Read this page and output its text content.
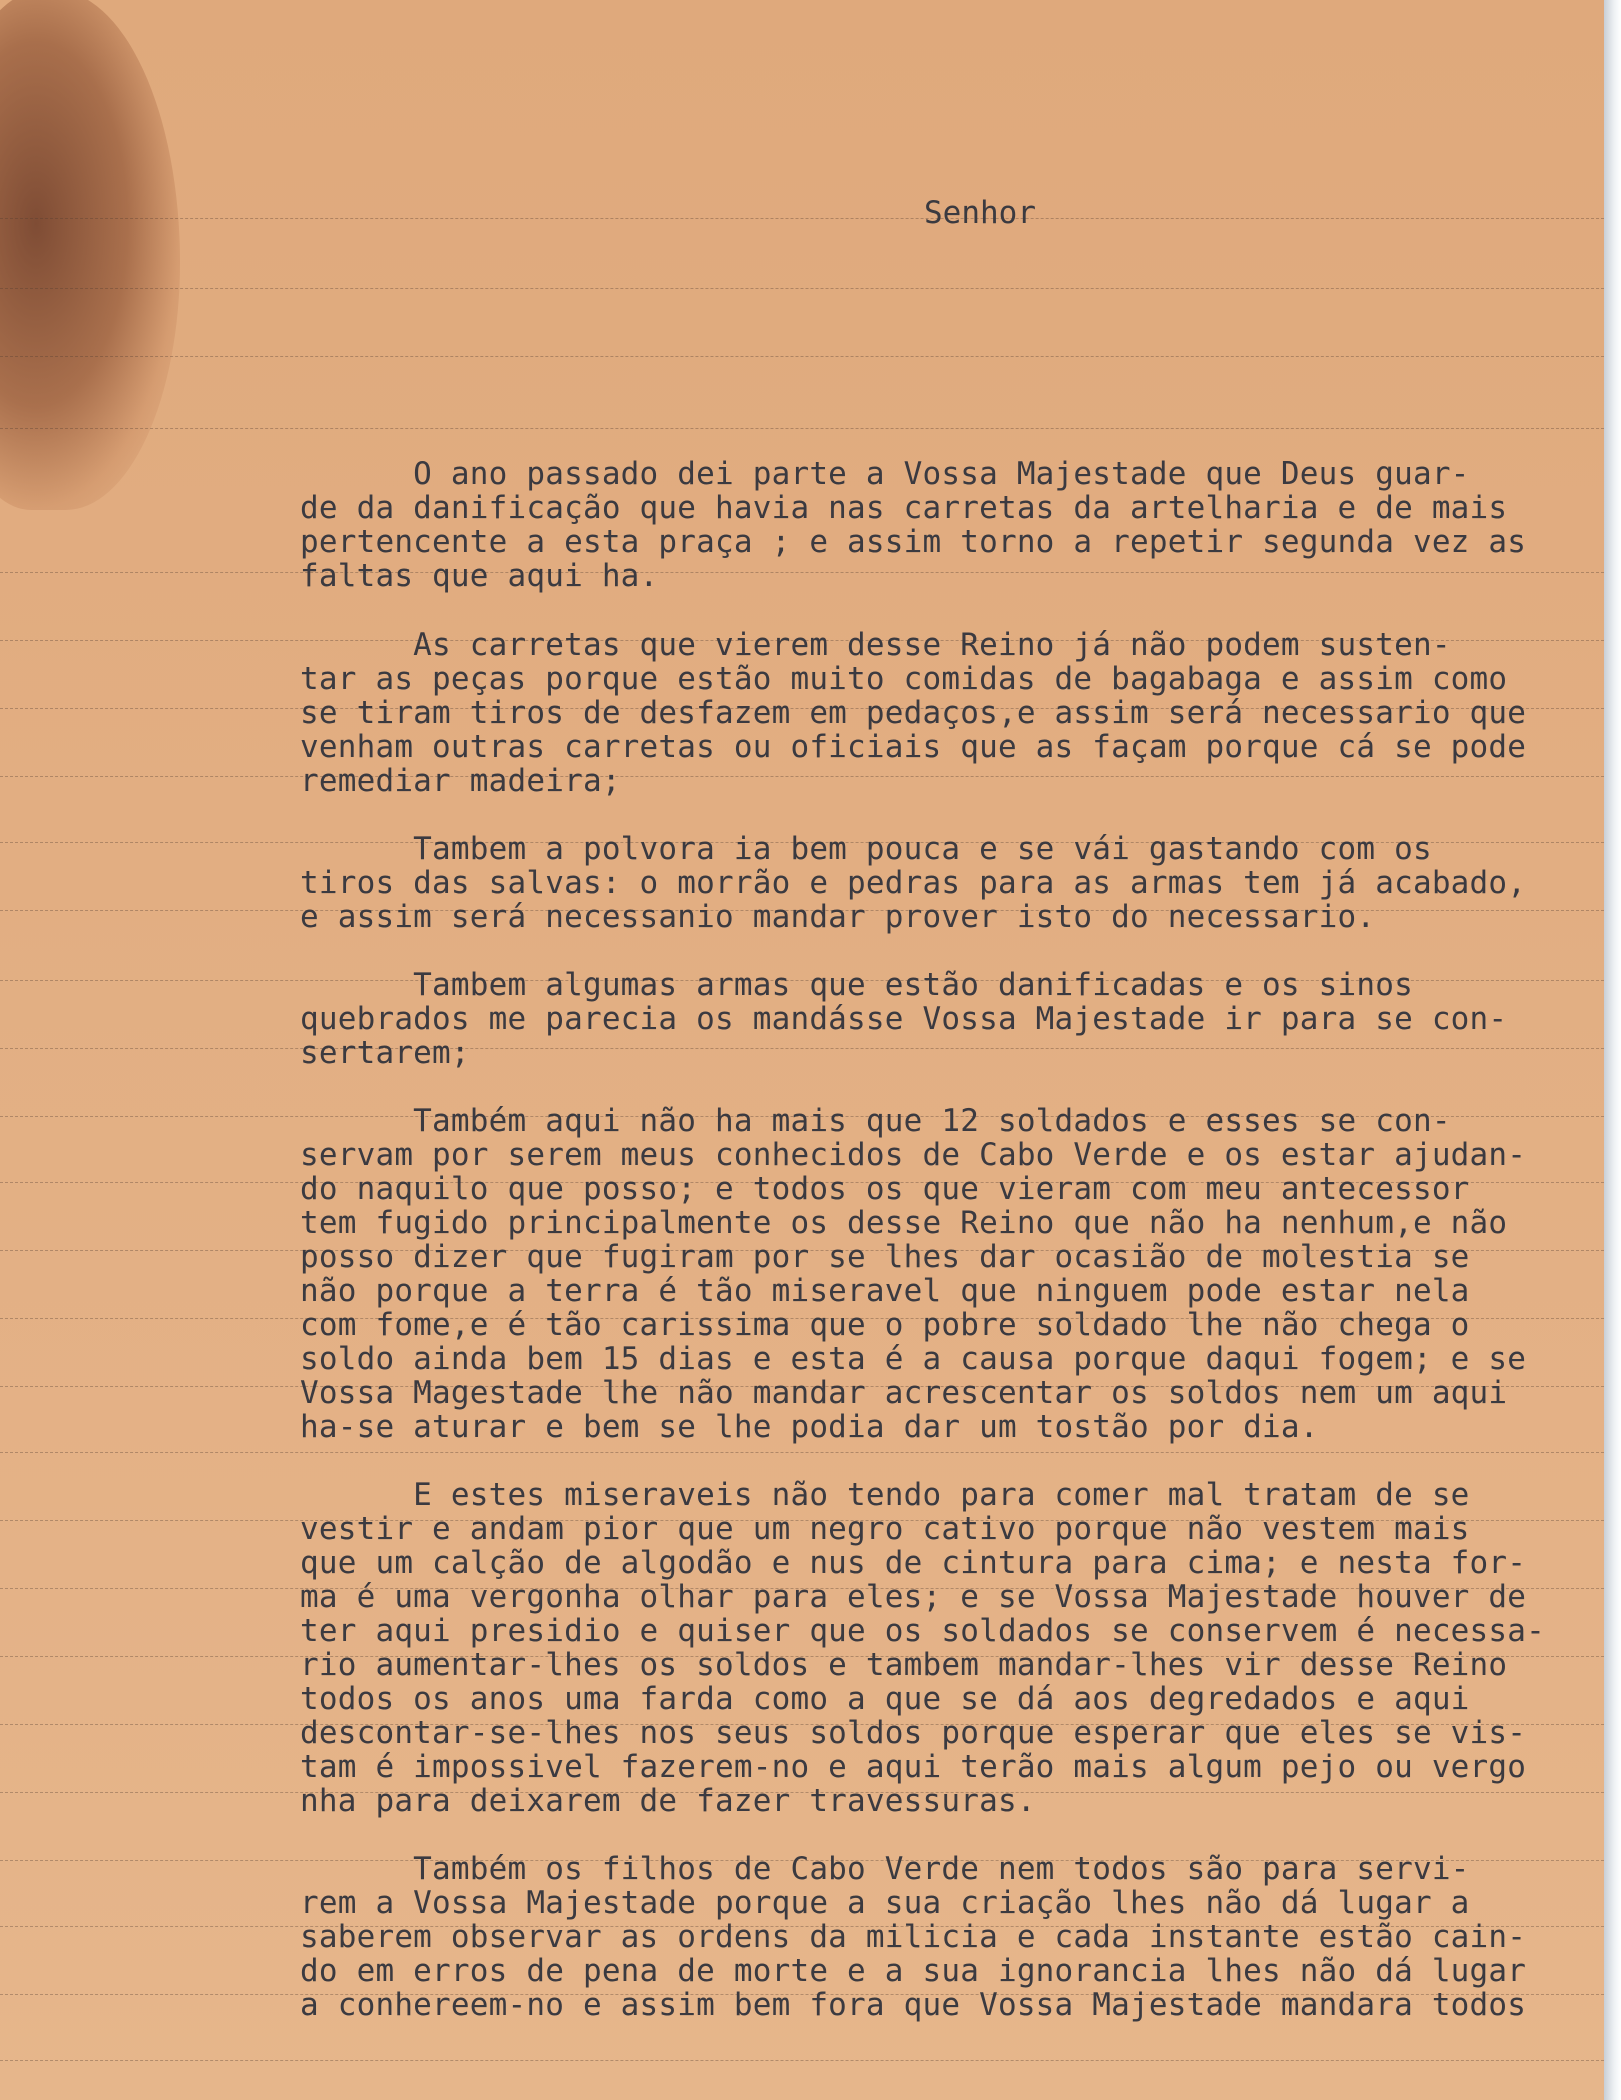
Senhor
O ano passado dei parte a Vossa Majestade que Deus guar-
de da danificação que havia nas carretas da artelharia e de mais
pertencente a esta praça ; e assim torno a repetir segunda vez as
faltas que aqui ha.
As carretas que vierem desse Reino já não podem susten-
tar as peças porque estão muito comidas de bagabaga e assim como
se tiram tiros de desfazem em pedaços,e assim será necessario que
venham outras carretas ou oficiais que as façam porque cá se pode
remediar madeira;
Tambem a polvora ia bem pouca e se vái gastando com os
tiros das salvas: o morrão e pedras para as armas tem já acabado,
e assim será necessanio mandar prover isto do necessario.
Tambem algumas armas que estão danificadas e os sinos
quebrados me parecia os mandásse Vossa Majestade ir para se con-
sertarem;
Também aqui não ha mais que 12 soldados e esses se con-
servam por serem meus conhecidos de Cabo Verde e os estar ajudan-
do naquilo que posso; e todos os que vieram com meu antecessor
tem fugido principalmente os desse Reino que não ha nenhum,e não
posso dizer que fugiram por se lhes dar ocasião de molestia se
não porque a terra é tão miseravel que ninguem pode estar nela
com fome,e é tão carissima que o pobre soldado lhe não chega o
soldo ainda bem 15 dias e esta é a causa porque daqui fogem; e se
Vossa Magestade lhe não mandar acrescentar os soldos nem um aqui
ha-se aturar e bem se lhe podia dar um tostão por dia.
E estes miseraveis não tendo para comer mal tratam de se
vestir e andam pior que um negro cativo porque não vestem mais
que um calção de algodão e nus de cintura para cima; e nesta for-
ma é uma vergonha olhar para eles; e se Vossa Majestade houver de
ter aqui presidio e quiser que os soldados se conservem é necessa-
rio aumentar-lhes os soldos e tambem mandar-lhes vir desse Reino
todos os anos uma farda como a que se dá aos degredados e aqui
descontar-se-lhes nos seus soldos porque esperar que eles se vis-
tam é impossivel fazerem-no e aqui terão mais algum pejo ou vergo
nha para deixarem de fazer travessuras.
Também os filhos de Cabo Verde nem todos são para servi-
rem a Vossa Majestade porque a sua criação lhes não dá lugar a
saberem observar as ordens da milicia e cada instante estão cain-
do em erros de pena de morte e a sua ignorancia lhes não dá lugar
a conhereem-no e assim bem fora que Vossa Majestade mandara todos
